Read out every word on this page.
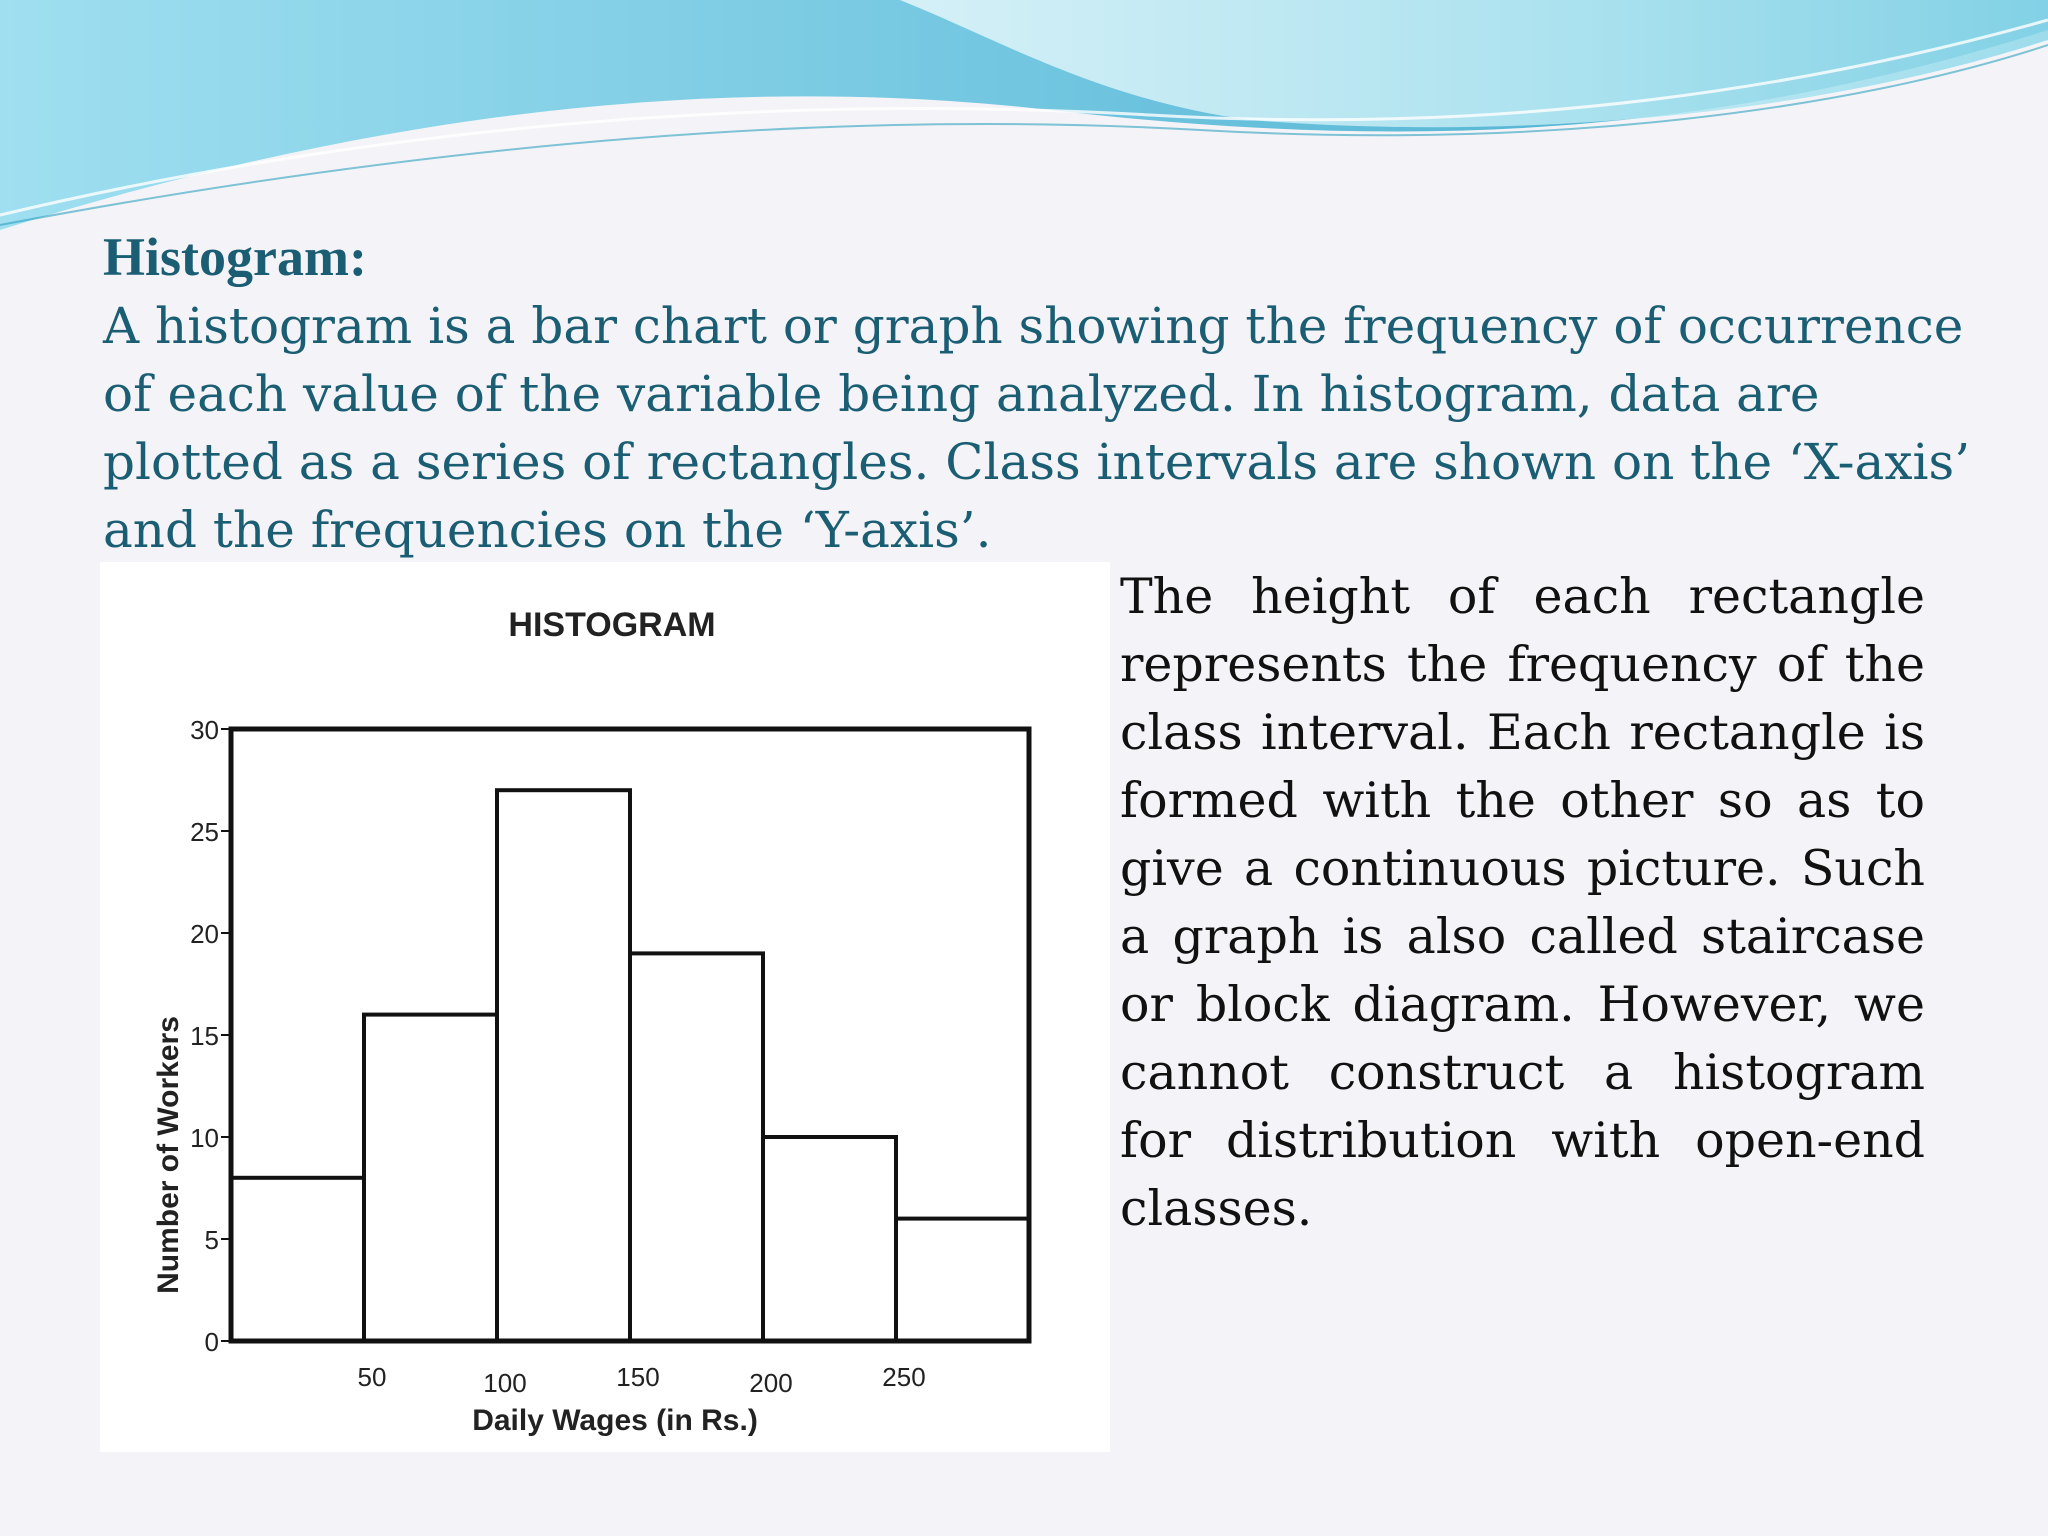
Histogram:
A histogram is a bar chart or graph showing the frequency of occurrence
of each value of the variable being analyzed. In histogram, data are
plotted as a series of rectangles. Class intervals are shown on the ‘X-axis’
and the frequencies on the ‘Y-axis’.
HISTOGRAM
Number of Workers
Daily Wages (in Rs.)
0
5
10
15
20
25
30
50	100	150	200	250
The height of each rectangle represents the frequency of the class interval. Each rectangle is formed with the other so as to give a continuous picture. Such a graph is also called staircase or block diagram. However, we cannot construct a histogram for distribution with open-end classes.
